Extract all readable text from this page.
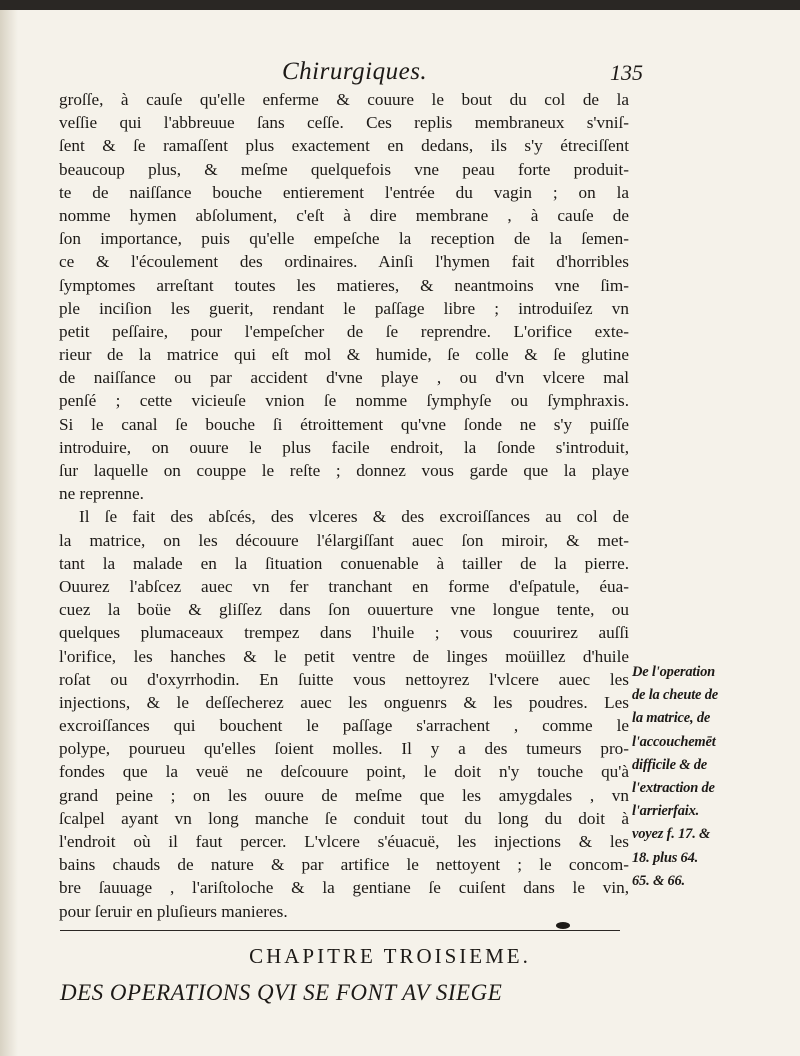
Chirurgiques.	135
groſſe, à cauſe qu'elle enferme & couure le bout du col de la
veſſie qui l'abbreuue ſans ceſſe. Ces replis membraneux s'vniſ-
ſent & ſe ramaſſent plus exactement en dedans, ils s'y étreciſſent
beaucoup plus, & meſme quelquefois vne peau forte produit-
te de naiſſance bouche entierement l'entrée du vagin ; on la
nomme hymen abſolument, c'eſt à dire membrane , à cauſe de
ſon importance, puis qu'elle empeſche la reception de la ſemen-
ce & l'écoulement des ordinaires. Ainſi l'hymen fait d'horribles
ſymptomes arreſtant toutes les matieres, & neantmoins vne ſim-
ple inciſion les guerit, rendant le paſſage libre ; introduiſez vn
petit peſſaire, pour l'empeſcher de ſe reprendre. L'orifice exte-
rieur de la matrice qui eſt mol & humide, ſe colle & ſe glutine
de naiſſance ou par accident d'vne playe , ou d'vn vlcere mal
penſé ; cette vicieuſe vnion ſe nomme ſymphyſe ou ſymphraxis.
Si le canal ſe bouche ſi étroittement qu'vne ſonde ne s'y puiſſe
introduire, on ouure le plus facile endroit, la ſonde s'introduit,
ſur laquelle on couppe le reſte ; donnez vous garde que la playe
ne reprenne.
Il ſe fait des abſcés, des vlceres & des excroiſſances au col de
la matrice, on les découure l'élargiſſant auec ſon miroir, & met-
tant la malade en la ſituation conuenable à tailler de la pierre.
Ouurez l'abſcez auec vn fer tranchant en forme d'eſpatule, éua-
cuez la boüe & gliſſez dans ſon ouuerture vne longue tente, ou
quelques plumaceaux trempez dans l'huile ; vous couurirez auſſi
l'orifice, les hanches & le petit ventre de linges moüillez d'huile
roſat ou d'oxyrrhodin. En ſuitte vous nettoyrez l'vlcere auec les
injections, & le deſſecherez auec les onguenrs & les poudres. Les
excroiſſances qui bouchent le paſſage s'arrachent , comme le
polype, pourueu qu'elles ſoient molles. Il y a des tumeurs pro-
fondes que la veuë ne deſcouure point, le doit n'y touche qu'à
grand peine ; on les ouure de meſme que les amygdales , vn
ſcalpel ayant vn long manche ſe conduit tout du long du doit à
l'endroit où il faut percer. L'vlcere s'éuacuë, les injections & les
bains chauds de nature & par artifice le nettoyent ; le concom-
bre ſauuage , l'ariſtoloche & la gentiane ſe cuiſent dans le vin,
pour ſeruir en pluſieurs manieres.
De l'operation
de la cheute de
la matrice, de
l'accouchemēt
difficile & de
l'extraction de
l'arrierfaix.
voyez f. 17. &
18. plus 64.
65. & 66.
CHAPITRE TROISIEME.
DES OPERATIONS QVI SE FONT AV SIEGE
